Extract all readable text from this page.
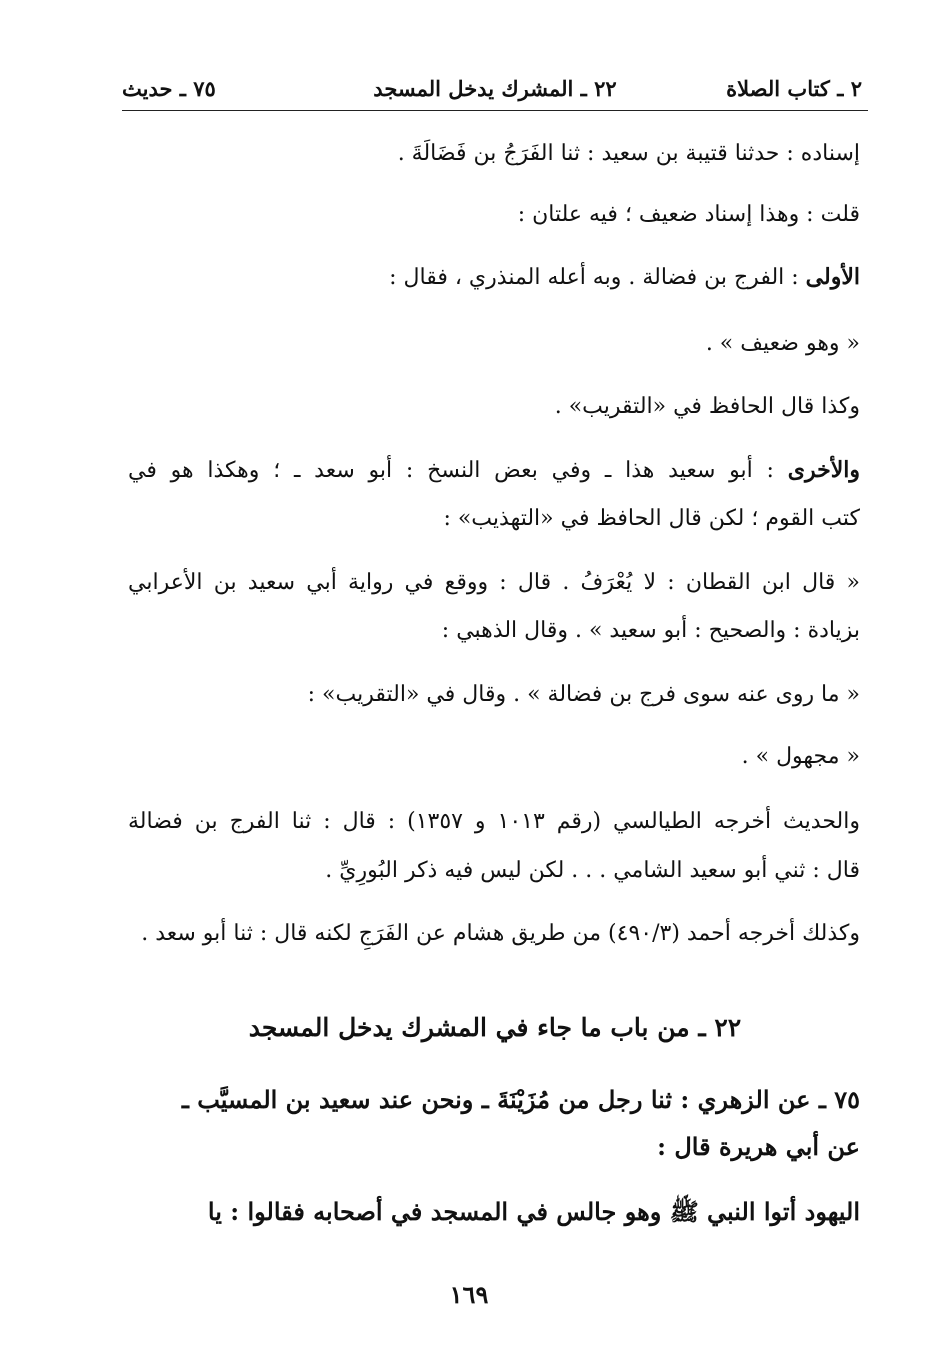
٢ ـ كتاب الصلاة
٢٢ ـ المشرك يدخل المسجد
٧٥ ـ حديث
إسناده : حدثنا قتيبة بن سعيد : ثنا الفَرَجُ بن فَضَالَةَ .
قلت : وهذا إسناد ضعيف ؛ فيه علتان :
الأولى : الفرج بن فضالة . وبه أعله المنذري ، فقال :
« وهو ضعيف » .
وكذا قال الحافظ في «التقريب» .
والأخرى : أبو سعيد هذا ـ وفي بعض النسخ : أبو سعد ـ ؛ وهكذا هو في
كتب القوم ؛ لكن قال الحافظ في «التهذيب» :
« قال ابن القطان : لا يُعْرَفُ . قال : ووقع في رواية أبي سعيد بن الأعرابي
بزيادة : والصحيح : أبو سعيد » . وقال الذهبي :
« ما روى عنه سوى فرج بن فضالة » . وقال في «التقريب» :
« مجهول » .
والحديث أخرجه الطيالسي (رقم ١٠١٣ و ١٣٥٧) : قال : ثنا الفرج بن فضالة
قال : ثني أبو سعيد الشامي . . . لكن ليس فيه ذكر البُورِيِّ .
وكذلك أخرجه أحمد (٤٩٠/٣) من طريق هشام عن الفَرَجِ لكنه قال : ثنا أبو سعد .
٢٢ ـ من باب ما جاء في المشرك يدخل المسجد
٧٥ ـ عن الزهري : ثنا رجل من مُزَيْنَةَ ـ ونحن عند سعيد بن المسيَّب ـ
عن أبي هريرة قال :
اليهود أتوا النبي ﷺ وهو جالس في المسجد في أصحابه فقالوا : يا
١٦٩
